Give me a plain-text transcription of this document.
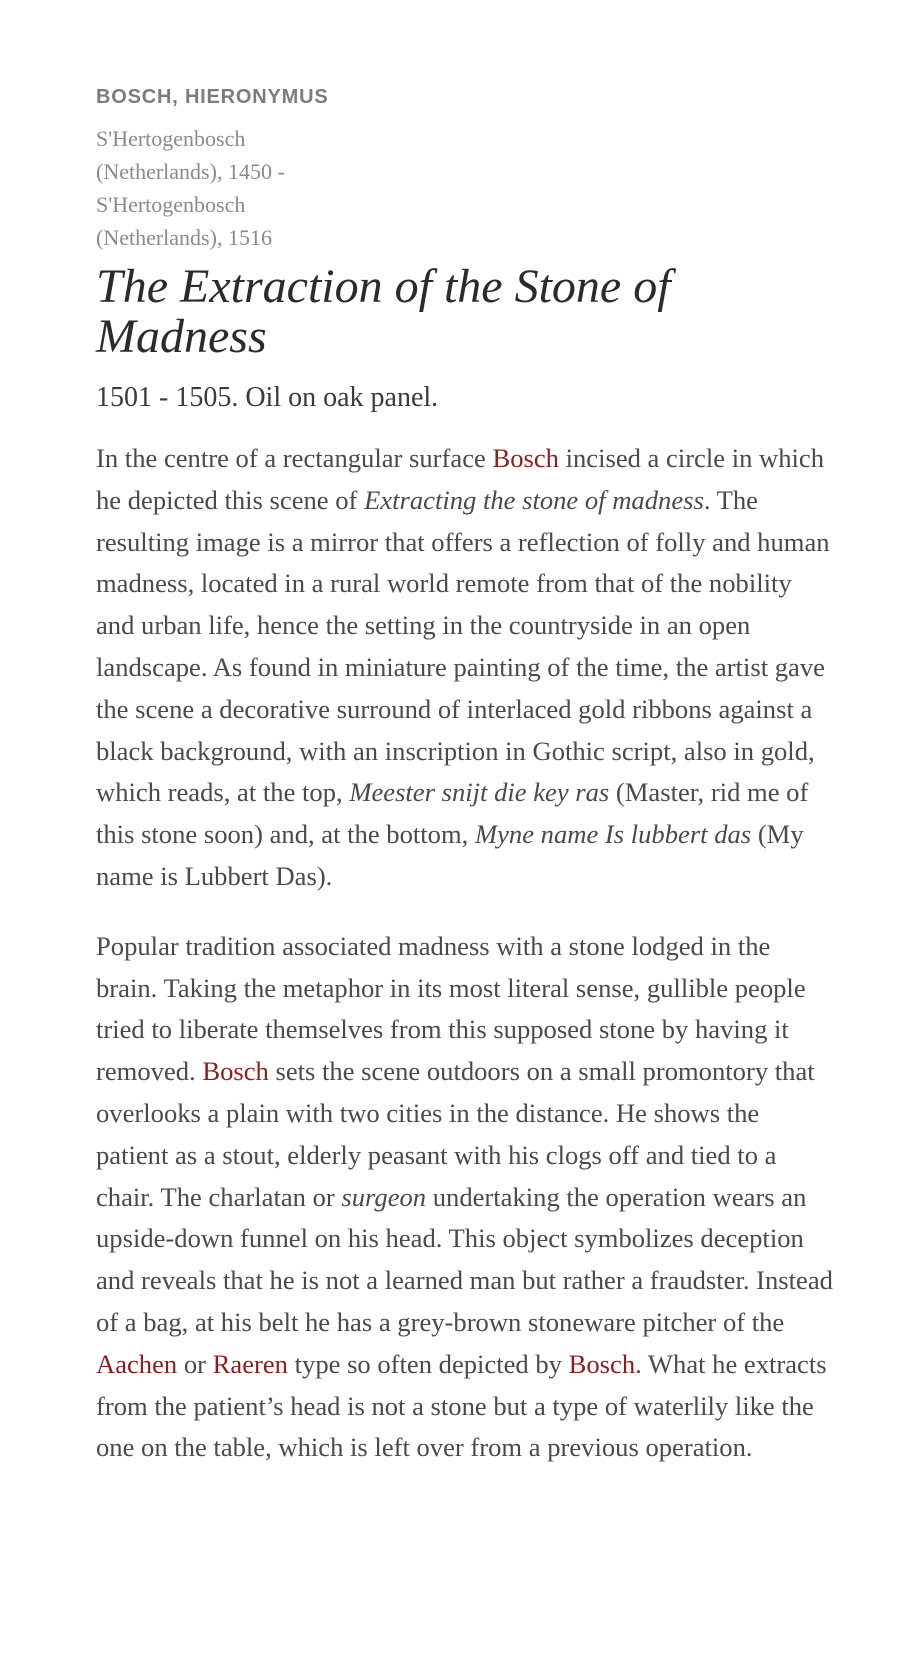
BOSCH, HIERONYMUS
S'Hertogenbosch (Netherlands), 1450 - S'Hertogenbosch (Netherlands), 1516
The Extraction of the Stone of Madness
1501 - 1505. Oil on oak panel.

In the centre of a rectangular surface Bosch incised a circle in which he depicted this scene of Extracting the stone of madness. The resulting image is a mirror that offers a reflection of folly and human madness, located in a rural world remote from that of the nobility and urban life, hence the setting in the countryside in an open landscape. As found in miniature painting of the time, the artist gave the scene a decorative surround of interlaced gold ribbons against a black background, with an inscription in Gothic script, also in gold, which reads, at the top, Meester snijt die key ras (Master, rid me of this stone soon) and, at the bottom, Myne name Is lubbert das (My name is Lubbert Das).

Popular tradition associated madness with a stone lodged in the brain. Taking the metaphor in its most literal sense, gullible people tried to liberate themselves from this supposed stone by having it removed. Bosch sets the scene outdoors on a small promontory that overlooks a plain with two cities in the distance. He shows the patient as a stout, elderly peasant with his clogs off and tied to a chair. The charlatan or surgeon undertaking the operation wears an upside-down funnel on his head. This object symbolizes deception and reveals that he is not a learned man but rather a fraudster. Instead of a bag, at his belt he has a grey-brown stoneware pitcher of the Aachen or Raeren type so often depicted by Bosch. What he extracts from the patient’s head is not a stone but a type of waterlily like the one on the table, which is left over from a previous operation.
